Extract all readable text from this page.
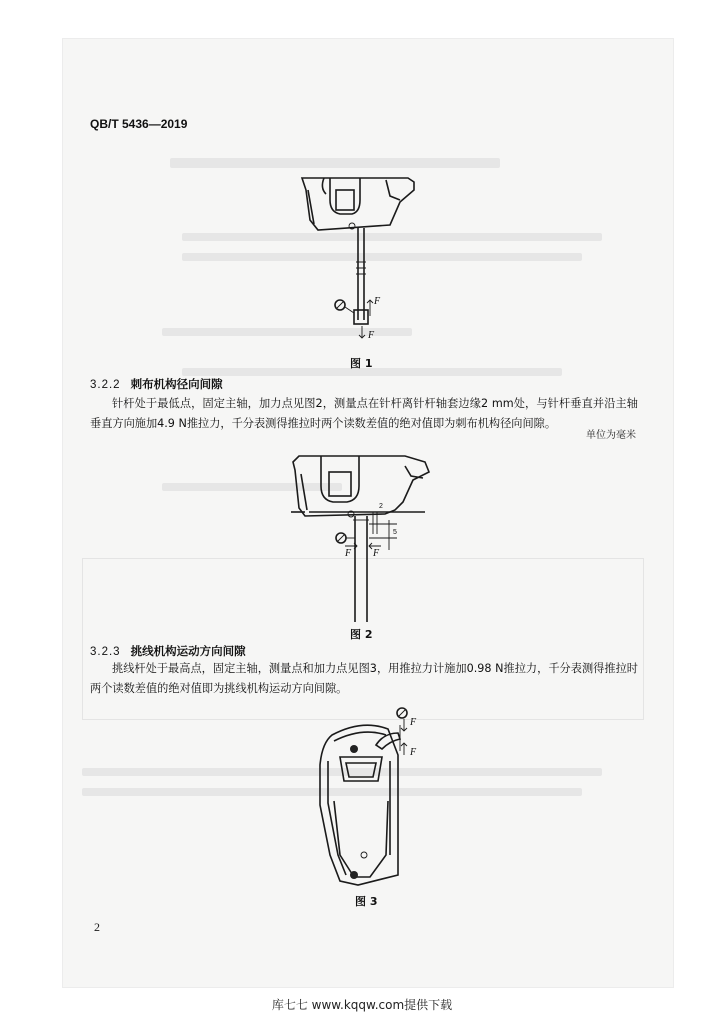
QB/T 5436—2019
F
F
图 1
3.2.2 刺布机构径向间隙
针杆处于最低点，固定主轴，加力点见图2，测量点在针杆离针杆轴套边缘2 mm处，与针杆垂直并沿主轴垂直方向施加4.9 N推拉力，千分表测得推拉时两个读数差值的绝对值即为刺布机构径向间隙。
单位为毫米
2
5
F F
图 2
3.2.3 挑线机构运动方向间隙
挑线杆处于最高点，固定主轴，测量点和加力点见图3，用推拉力计施加0.98 N推拉力，千分表测得推拉时两个读数差值的绝对值即为挑线机构运动方向间隙。
F
F
图 3
2
库七七 www.kqqw.com提供下载
